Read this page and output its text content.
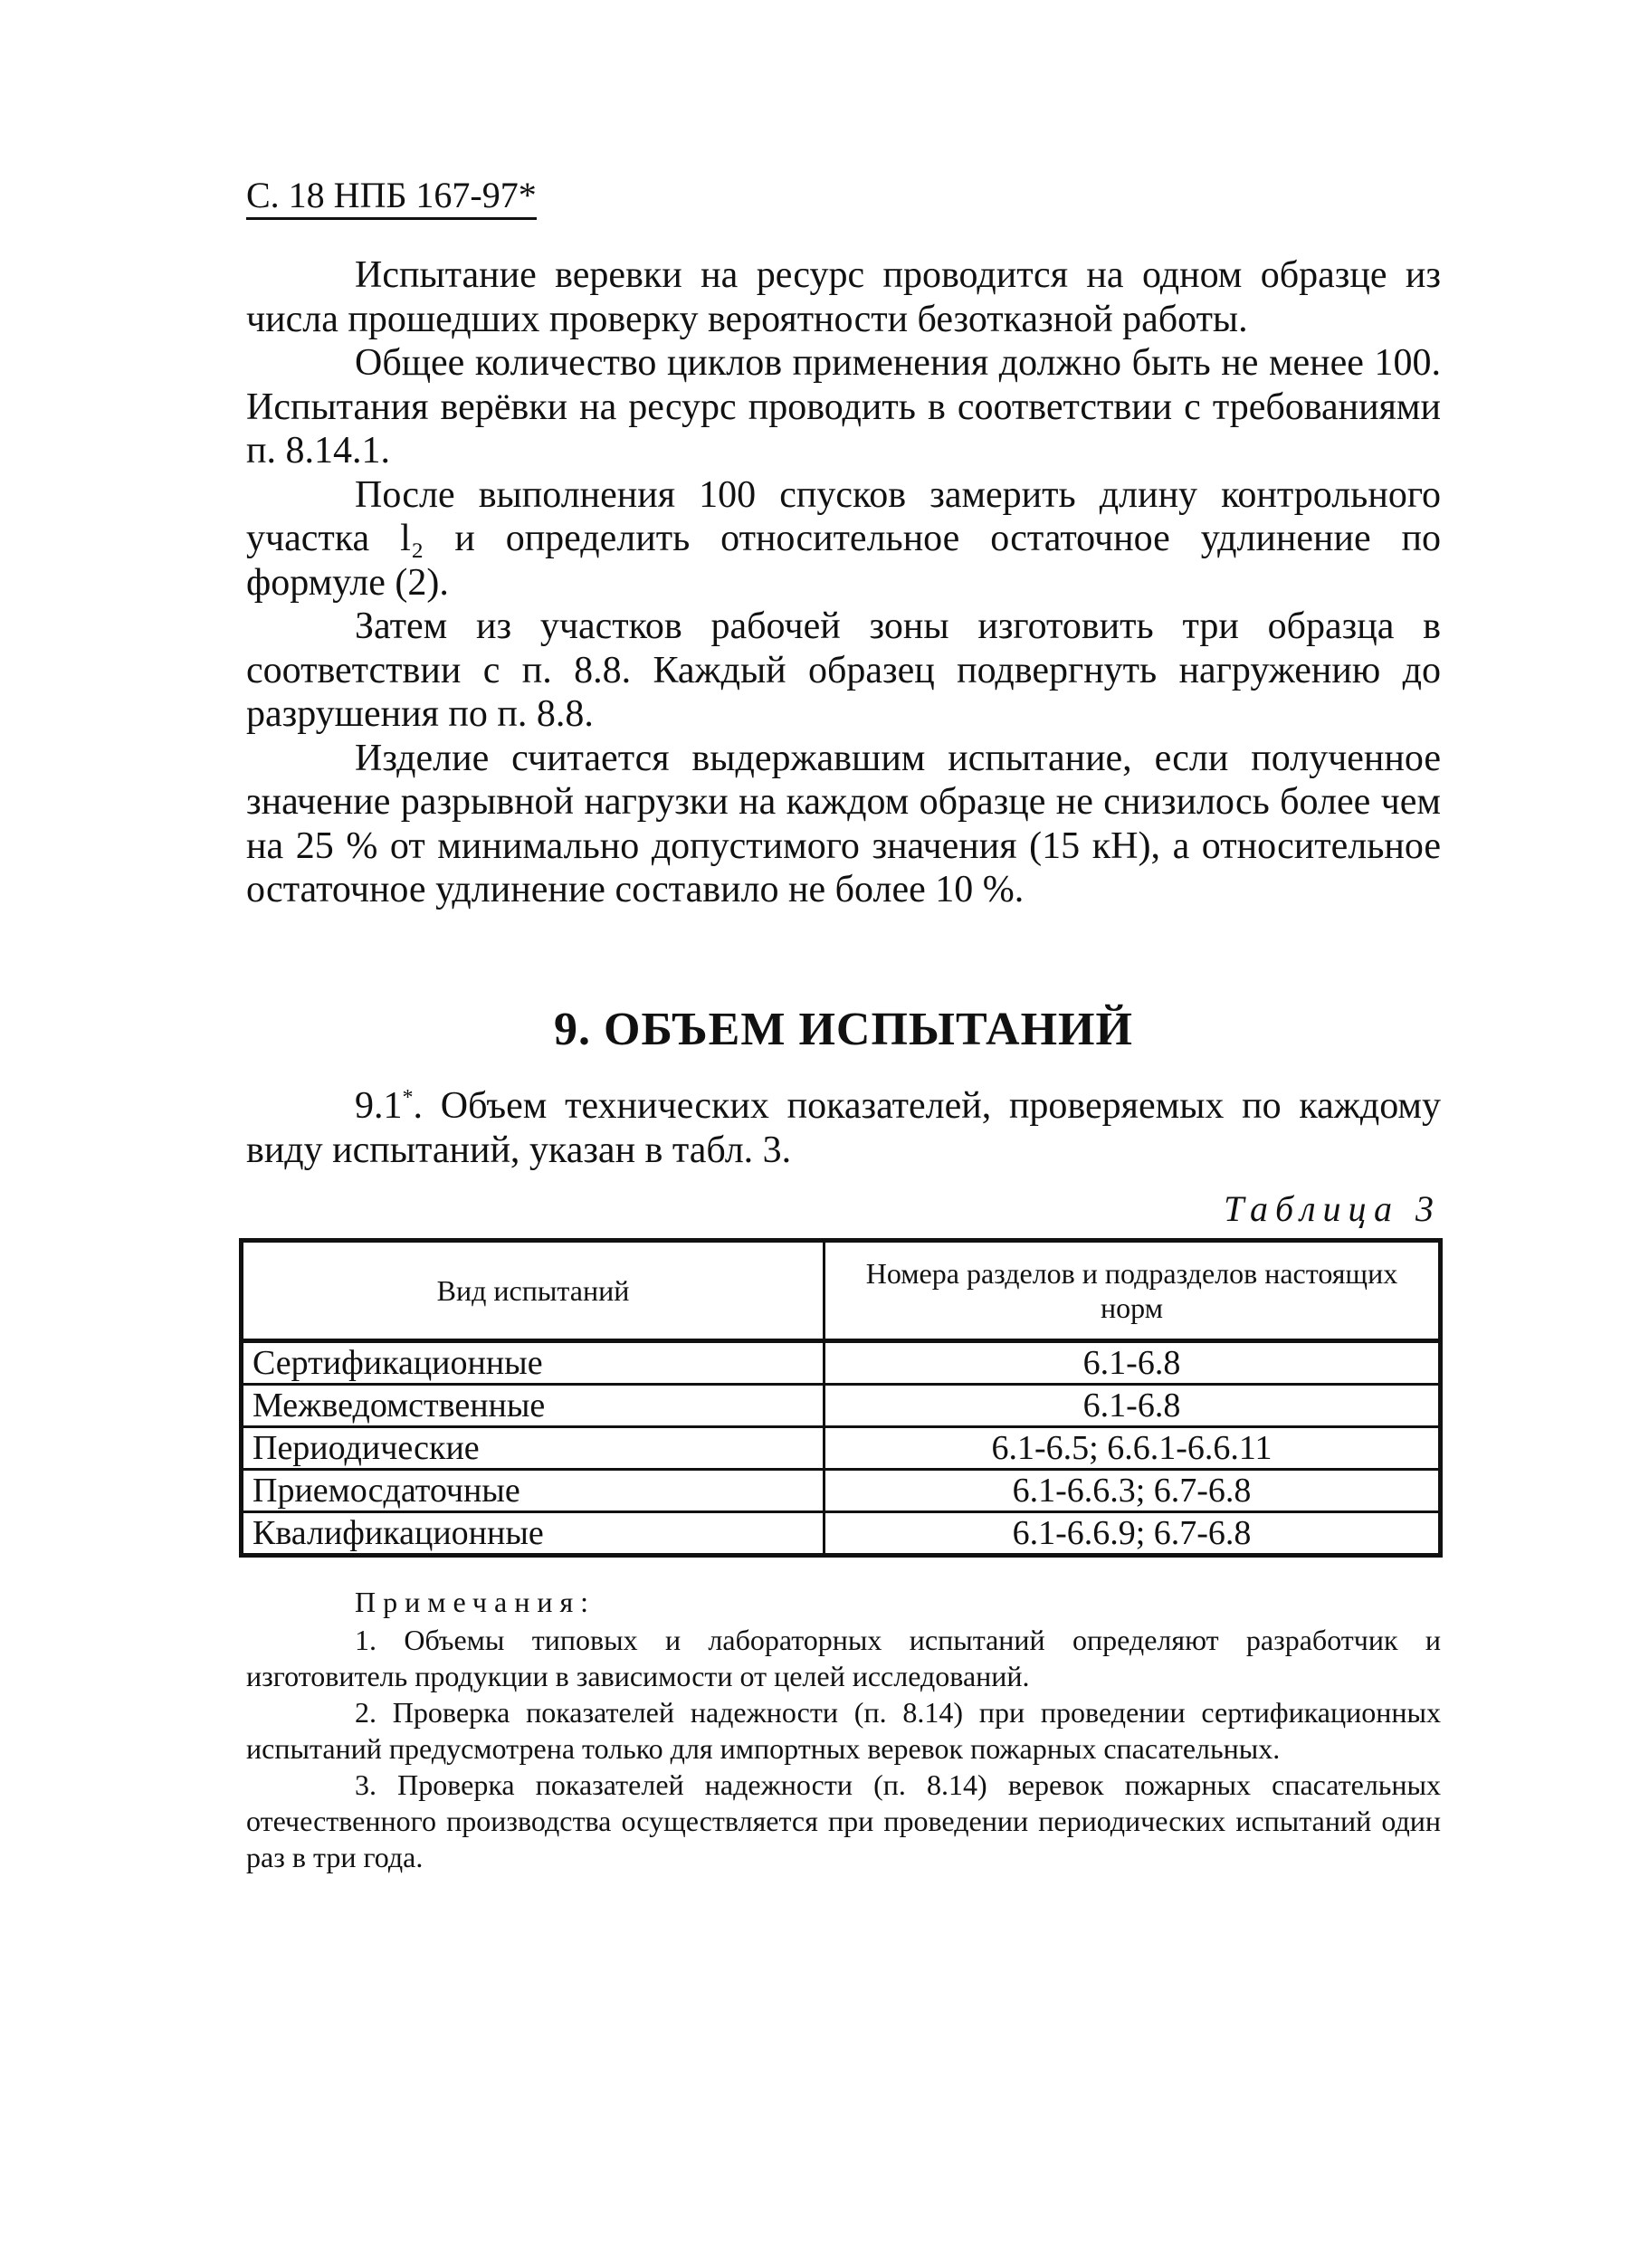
С. 18 НПБ 167-97*

Испытание веревки на ресурс проводится на одном образце из числа прошедших проверку вероятности безотказной работы.

Общее количество циклов применения должно быть не менее 100. Испытания верёвки на ресурс проводить в соответствии с требованиями п. 8.14.1.

После выполнения 100 спусков замерить длину контрольного участка l₂ и определить относительное остаточное удлинение по формуле (2).

Затем из участков рабочей зоны изготовить три образца в соответствии с п. 8.8. Каждый образец подвергнуть нагружению до разрушения по п. 8.8.

Изделие считается выдержавшим испытание, если полученное значение разрывной нагрузки на каждом образце не снизилось более чем на 25 % от минимально допустимого значения (15 кН), а относительное остаточное удлинение составило не более 10 %.

9. ОБЪЕМ ИСПЫТАНИЙ
9.1*. Объем технических показателей, проверяемых по каждому виду испытаний, указан в табл. 3.
Таблица 3
Вид испытаний	Номера разделов и подразделов настоящих норм
Сертификационные	6.1-6.8
Межведомственные	6.1-6.8
Периодические	6.1-6.5; 6.6.1-6.6.11
Приемосдаточные	6.1-6.6.3; 6.7-6.8
Квалификационные	6.1-6.6.9; 6.7-6.8
Примечания:

1. Объемы типовых и лабораторных испытаний определяют разработчик и изготовитель продукции в зависимости от целей исследований.

2. Проверка показателей надежности (п. 8.14) при проведении сертификационных испытаний предусмотрена только для импортных веревок пожарных спасательных.

3. Проверка показателей надежности (п. 8.14) веревок пожарных спасательных отечественного производства осуществляется при проведении периодических испытаний один раз в три года.
